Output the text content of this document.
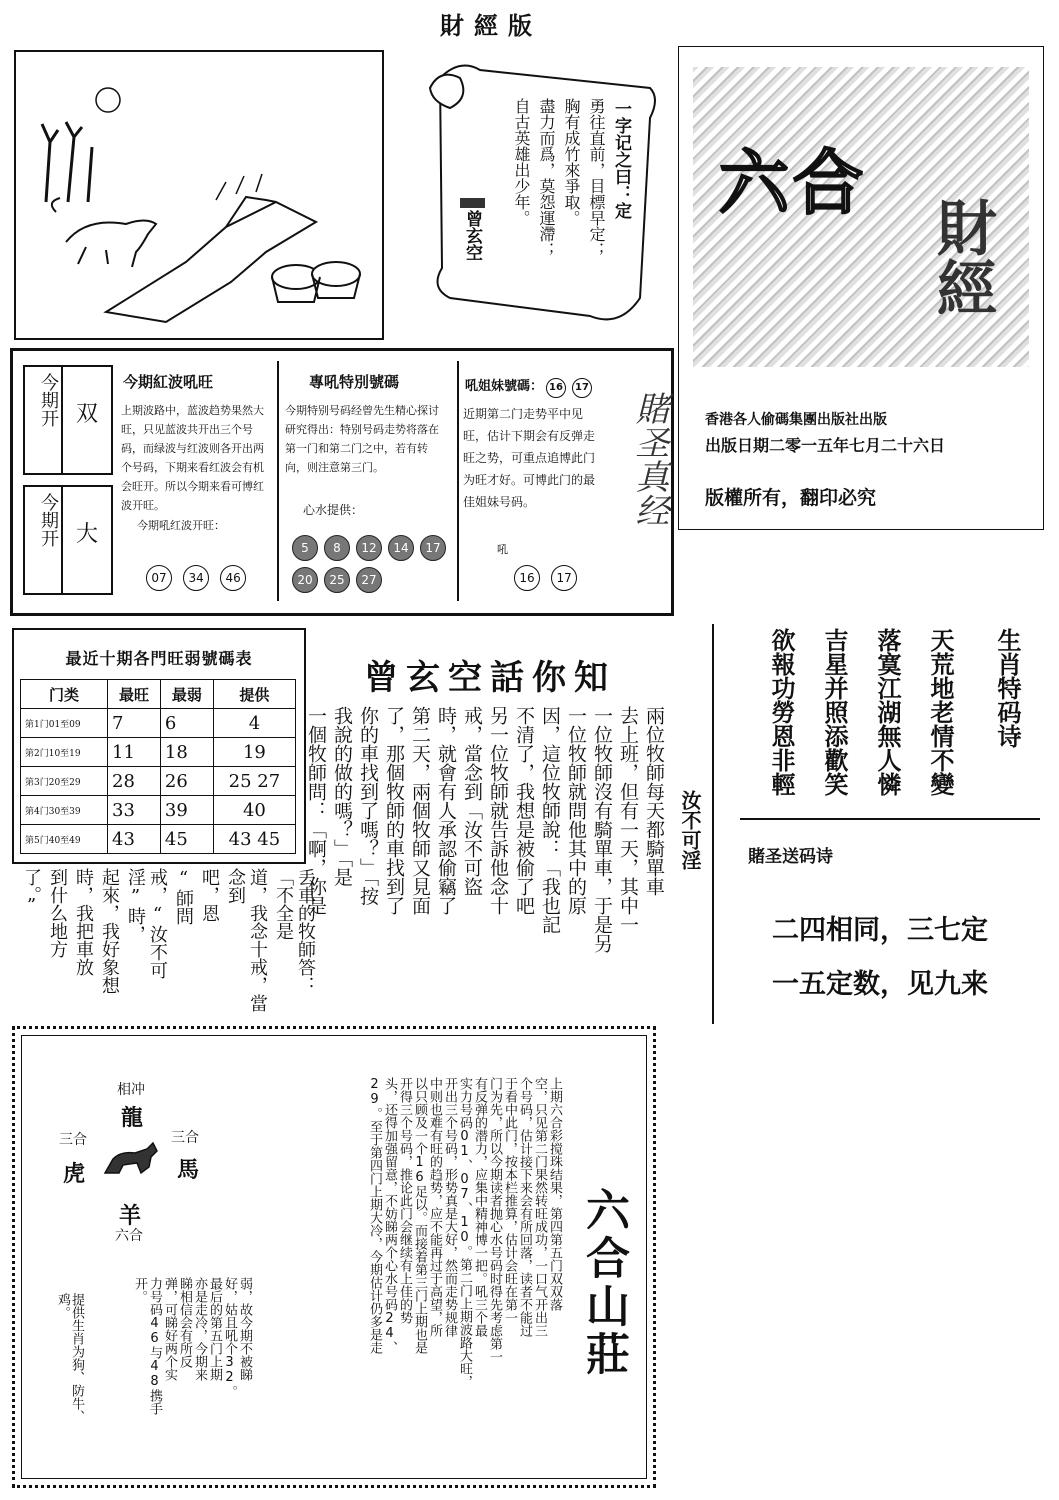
財經版
一字记之曰：定
勇往直前，目標早定；
胸有成竹來爭取。
盡力而爲，莫怨運滯；
自古英雄出少年。
曾玄空
六合
財經
香港各人偷碼集團出版社出版
出版日期二零一五年七月二十六日
版權所有，翻印必究
今期开 双
今期开 大
今期紅波吼旺
上期波路中，蓝波趋势果然大旺，只见蓝波共开出三个号码，而绿波与红波则各开出两个号码，下期来看红波会有机会旺开。所以今期来看可博红波开旺。
今期吼红波开旺：
07 34 46
專吼特別號碼
今期特别号码经曾先生精心探讨研究得出：特别号码走势将落在第一门和第二门之中，若有转向，则注意第三门。
心水提供：
5 8 12 14 1720 25 27
吼姐妹號碼： 16 17
近期第二门走势平中见旺，估计下期会有反弹走旺之势，可重点追博此门为旺才好。可博此门的最佳姐妹号码。
吼
16 17
賭圣真经
最近十期各門旺弱號碼表
门类	最旺	最弱	提供
第1门01至09	7	6	4
第2门10至19	11	18	19
第3门20至29	28	26	25 27
第4门30至39	33	39	40
第5门40至49	43	45	43 45
曾玄空話你知
兩位牧師每天都騎單車
去上班，但有一天，其中一
一位牧師沒有騎單車，于是另
一位牧師就問他其中的原
因，這位牧師說：「我也記
不清了，我想是被偷了吧
另一位牧師就告訴他念十
戒，當念到「汝不可盜
時，就會有人承認偷竊了
第二天，兩個牧師又見面
了，那個牧師的車找到了
你的車找到了嗎？」「按
我說的做的嗎？」「是
一個牧師問：「啊，你是
丢車的牧師答：「不全是
道，我念十戒，當念到
吧，恩
“師問
戒，“汝不可淫”時，
起來，我好象想
時，我把車放
到什么地方
了。”
汝不可淫
生肖特码诗
天荒地老情不變
落寞江湖無人憐
吉星并照添歡笑
欲報功勞恩非輕
賭圣送码诗
二四相同，三七定
一五定数，见九来
相冲
龍
三合	三合
虎	馬
羊
六合	六合山莊
上期六合彩搅珠结果，第四第五门双双落
空，只见第二门果然转旺成功，一口气开出三
个号码，估计接下来会有所回落，读者不能过
于看中此门，按本栏推算，估计会旺在第一
门为先，所以今期读者抛心水号码时得先考虑第一
有反弹的潜力，应集中精神博一把。吼三个最
实力号码01、07、10。第二门上期波路大旺，
开出三个号码，形势真是大好，然而走势规律
中则也难有旺的趋势，应不能再过于高望，所
以只顾及一个16足以。而接着第三门上期也是
开得三个号码，推论此门会继续有上佳的势
头，还得加强留意，不妨睇两个心水号码24、
29。至于第四门上期大冷，今期估计仍多是走
弱，故今期不被睇
好，姑且吼个32。
最后的第五门上期
亦是走冷，今期来
睇相信会有所反
弹，可睇好两个实
力号码46与48携手
开。
提供生肖为狗、防牛、鸡。
